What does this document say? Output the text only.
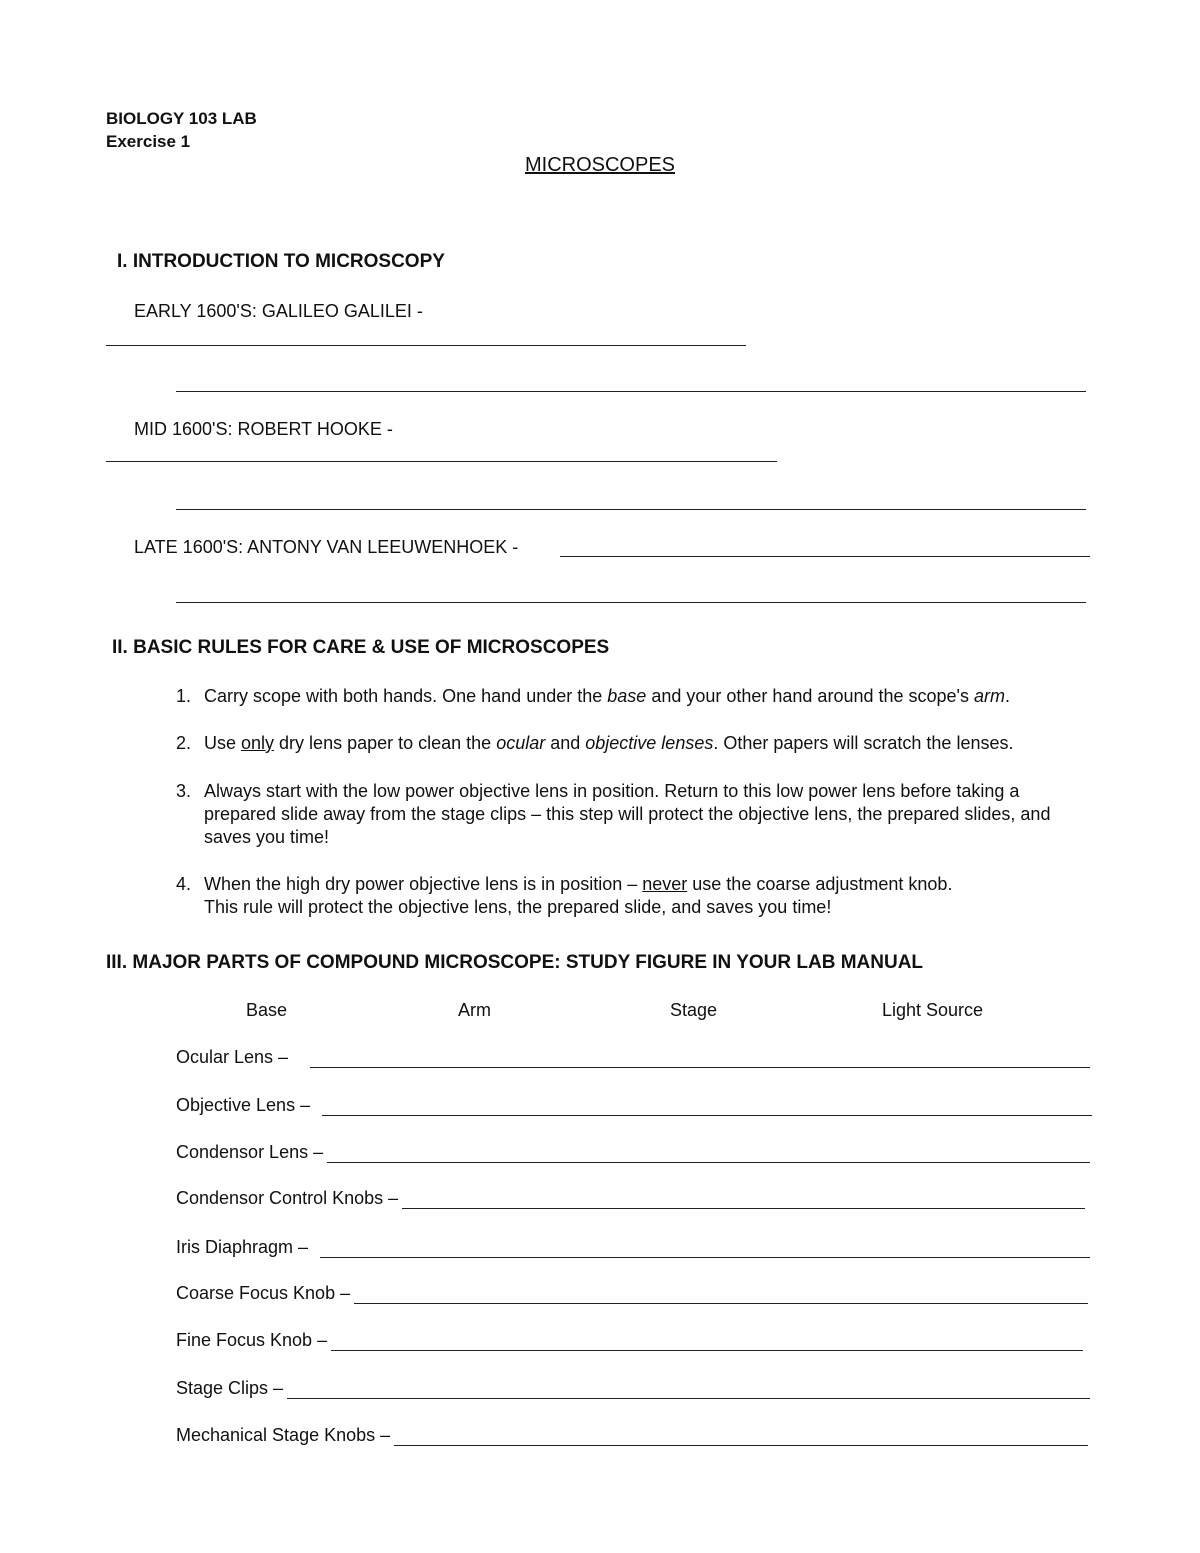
BIOLOGY 103 LAB
Exercise 1
MICROSCOPES
I. INTRODUCTION TO MICROSCOPY
EARLY 1600'S: GALILEO GALILEI -
MID 1600'S: ROBERT HOOKE -
LATE 1600'S: ANTONY VAN LEEUWENHOEK -
II. BASIC RULES FOR CARE & USE OF MICROSCOPES
1. Carry scope with both hands. One hand under the base and your other hand around the scope's arm.
2. Use only dry lens paper to clean the ocular and objective lenses. Other papers will scratch the lenses.
3. Always start with the low power objective lens in position. Return to this low power lens before taking a prepared slide away from the stage clips – this step will protect the objective lens, the prepared slides, and saves you time!
4. When the high dry power objective lens is in position – never use the coarse adjustment knob.
This rule will protect the objective lens, the prepared slide, and saves you time!
III. MAJOR PARTS OF COMPOUND MICROSCOPE: STUDY FIGURE IN YOUR LAB MANUAL
Base	Arm	Stage	Light Source
Ocular Lens –
Objective Lens –
Condensor Lens –
Condensor Control Knobs –
Iris Diaphragm –
Coarse Focus Knob –
Fine Focus Knob –
Stage Clips –
Mechanical Stage Knobs –
